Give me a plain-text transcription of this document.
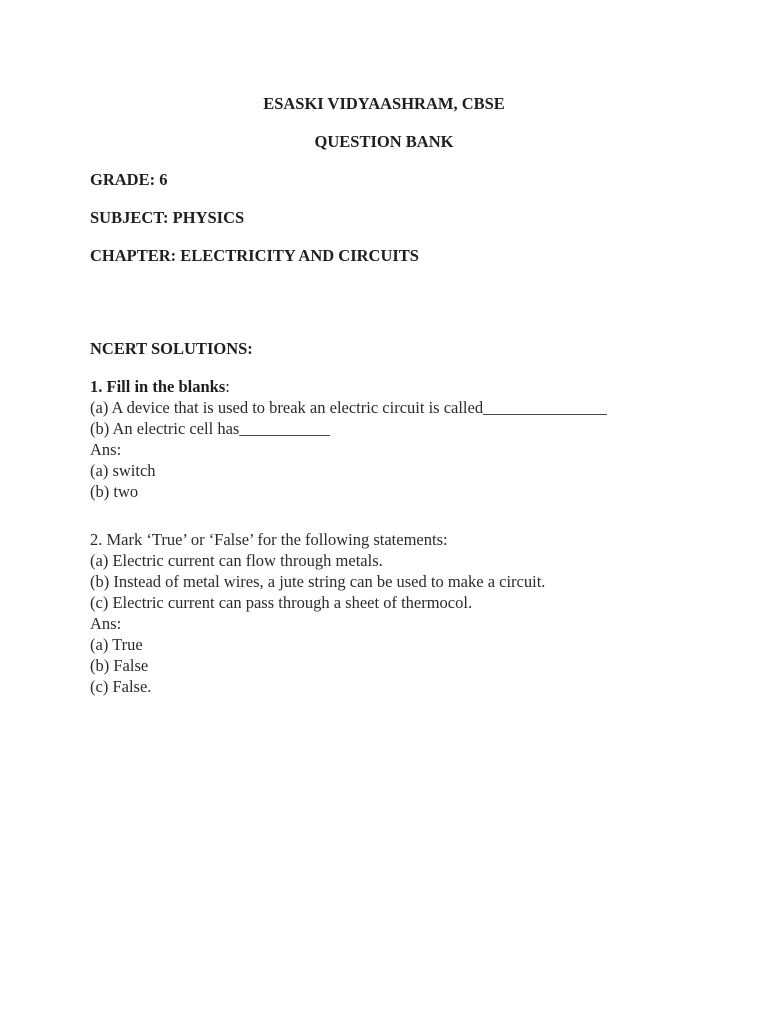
ESASKI VIDYAASHRAM, CBSE
QUESTION BANK
GRADE: 6
SUBJECT: PHYSICS
CHAPTER: ELECTRICITY AND CIRCUITS
NCERT SOLUTIONS:
1. Fill in the blanks:
(a) A device that is used to break an electric circuit is called_______________
(b) An electric cell has___________
Ans:
(a) switch
(b) two
2. Mark ‘True’ or ‘False’ for the following statements:
(a) Electric current can flow through metals.
(b) Instead of metal wires, a jute string can be used to make a circuit.
(c) Electric current can pass through a sheet of thermocol.
Ans:
(a) True
(b) False
(c) False.
